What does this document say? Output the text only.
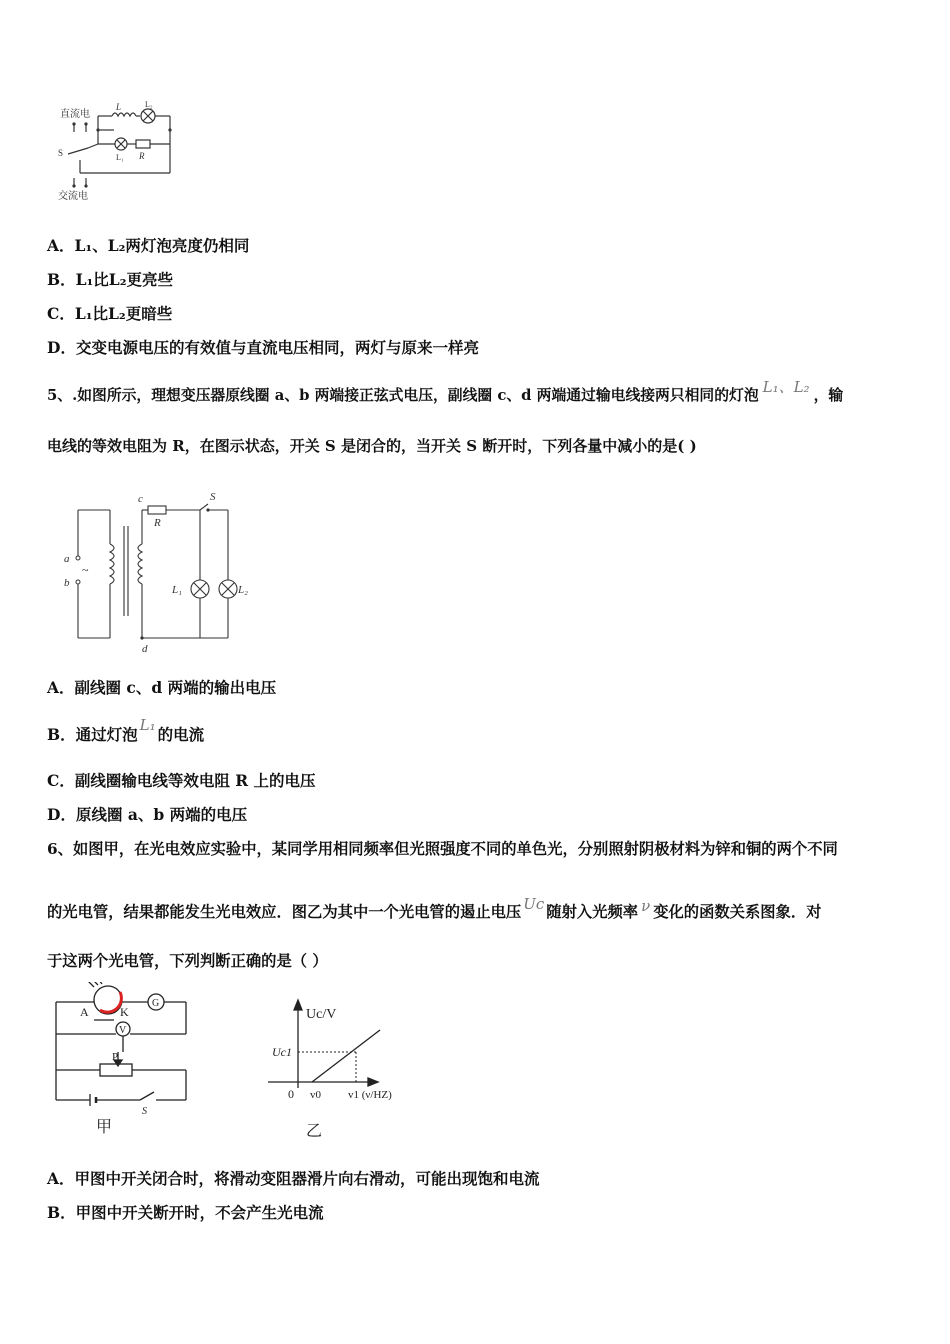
直流电
交流电
L	L₂
L₁ R
S
A．L₁、L₂两灯泡亮度仍相同
B．L₁比L₂更亮些
C．L₁比L₂更暗些
D．交变电源电压的有效值与直流电压相同，两灯与原来一样亮
5、.如图所示，理想变压器原线圈 a、b 两端接正弦式电压，副线圈 c、d 两端通过输电线接两只相同的灯泡 L₁、L₂ ，输
电线的等效电阻为 R，在图示状态，开关 S 是闭合的，当开关 S 断开时，下列各量中减小的是( )
a
b
~
c
R
S
L₁	L₂
d
A．副线圈 c、d 两端的输出电压
B．通过灯泡 L₁ 的电流
C．副线圈输电线等效电阻 R 上的电压
D．原线圈 a、b 两端的电压
6、如图甲，在光电效应实验中，某同学用相同频率但光照强度不同的单色光，分别照射阴极材料为锌和铜的两个不同
的光电管，结果都能发生光电效应．图乙为其中一个光电管的遏止电压 Uc 随射入光频率 ν 变化的函数关系图象．对
于这两个光电管，下列判断正确的是（ ）
A	K
G
V
P
S
甲
Uc/V
Uc1
0 v0 v1 (ν/HZ)
乙
A．甲图中开关闭合时，将滑动变阻器滑片向右滑动，可能出现饱和电流
B．甲图中开关断开时，不会产生光电流
